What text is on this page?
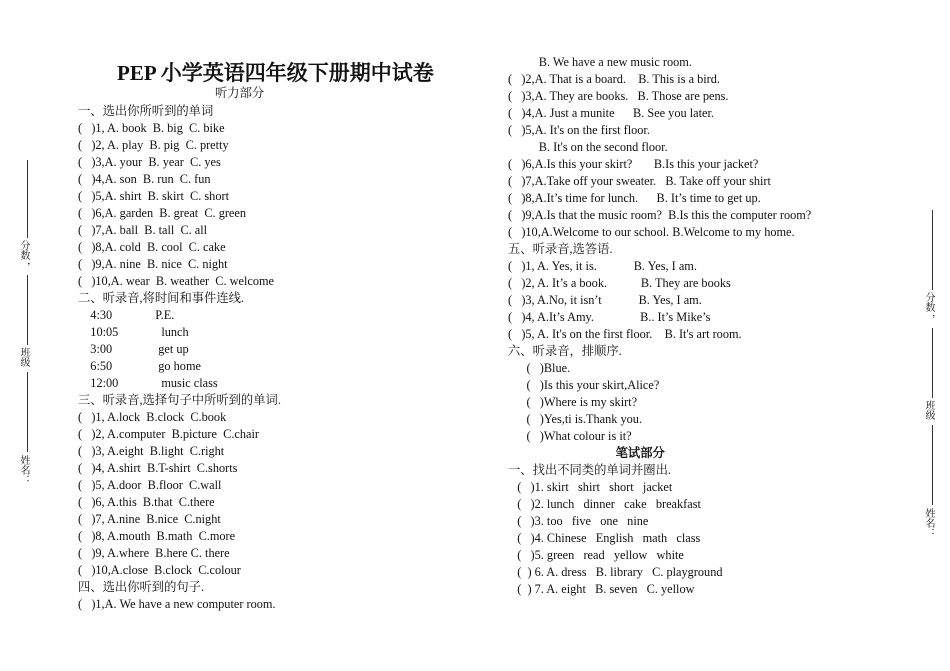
PEP 小学英语四年级下册期中试卷
听力部分
一、选出你所听到的单词
(   )1, A. book  B. big  C. bike
(   )2, A. play  B. pig  C. pretty
(   )3,A. your  B. year  C. yes
(   )4,A. son  B. run  C. fun
(   )5,A. shirt  B. skirt  C. short
(   )6,A. garden  B. great  C. green
(   )7,A. ball  B. tall  C. all
(   )8,A. cold  B. cool  C. cake
(   )9,A. nine  B. nice  C. night
(   )10,A. wear  B. weather  C. welcome
二、听录音,将时间和事件连线.
4:30              P.E.
10:05              lunch
3:00               get up
6:50               go home
12:00              music class
三、听录音,选择句子中所听到的单词.
(   )1, A.lock  B.clock  C.book
(   )2, A.computer  B.picture  C.chair
(   )3, A.eight  B.light  C.right
(   )4, A.shirt  B.T-shirt  C.shorts
(   )5, A.door  B.floor  C.wall
(   )6, A.this  B.that  C.there
(   )7, A.nine  B.nice  C.night
(   )8, A.mouth  B.math  C.more
(   )9, A.where  B.here C. there
(   )10,A.close  B.clock  C.colour
四、选出你听到的句子.
(   )1,A. We have a new computer room.
B. We have a new music room.
(   )2,A. That is a board.    B. This is a bird.
(   )3,A. They are books.   B. Those are pens.
(   )4,A. Just a munite      B. See you later.
(   )5,A. It's on the first floor.
B. It's on the second floor.
(   )6,A.Is this your skirt?       B.Is this your jacket?
(   )7,A.Take off your sweater.   B. Take off your shirt
(   )8,A.It’s time for lunch.      B. It’s time to get up.
(   )9,A.Is that the music room?  B.Is this the computer room?
(   )10,A.Welcome to our school. B.Welcome to my home.
五、听录音,选答语.
(   )1, A. Yes, it is.            B. Yes, I am.
(   )2, A. It’s a book.           B. They are books
(   )3, A.No, it isn’t            B. Yes, I am.
(   )4, A.It’s Amy.               B.. It’s Mike’s
(   )5, A. It's on the first floor.    B. It's art room.
六、听录音，排顺序.
(   )Blue.
(   )Is this your skirt,Alice?
(   )Where is my skirt?
(   )Yes,ti is.Thank you.
(   )What colour is it?
笔试部分
一、找出不同类的单词并圈出.
(   )1. skirt   shirt   short   jacket
(   )2. lunch   dinner   cake   breakfast
(   )3. too   five   one   nine
(   )4. Chinese   English   math   class
(   )5. green   read   yellow   white
(  ) 6. A. dress   B. library   C. playground
(  ) 7. A. eight   B. seven   C. yellow
分数
，
班级
姓名：
分数
，
班级
姓名：
